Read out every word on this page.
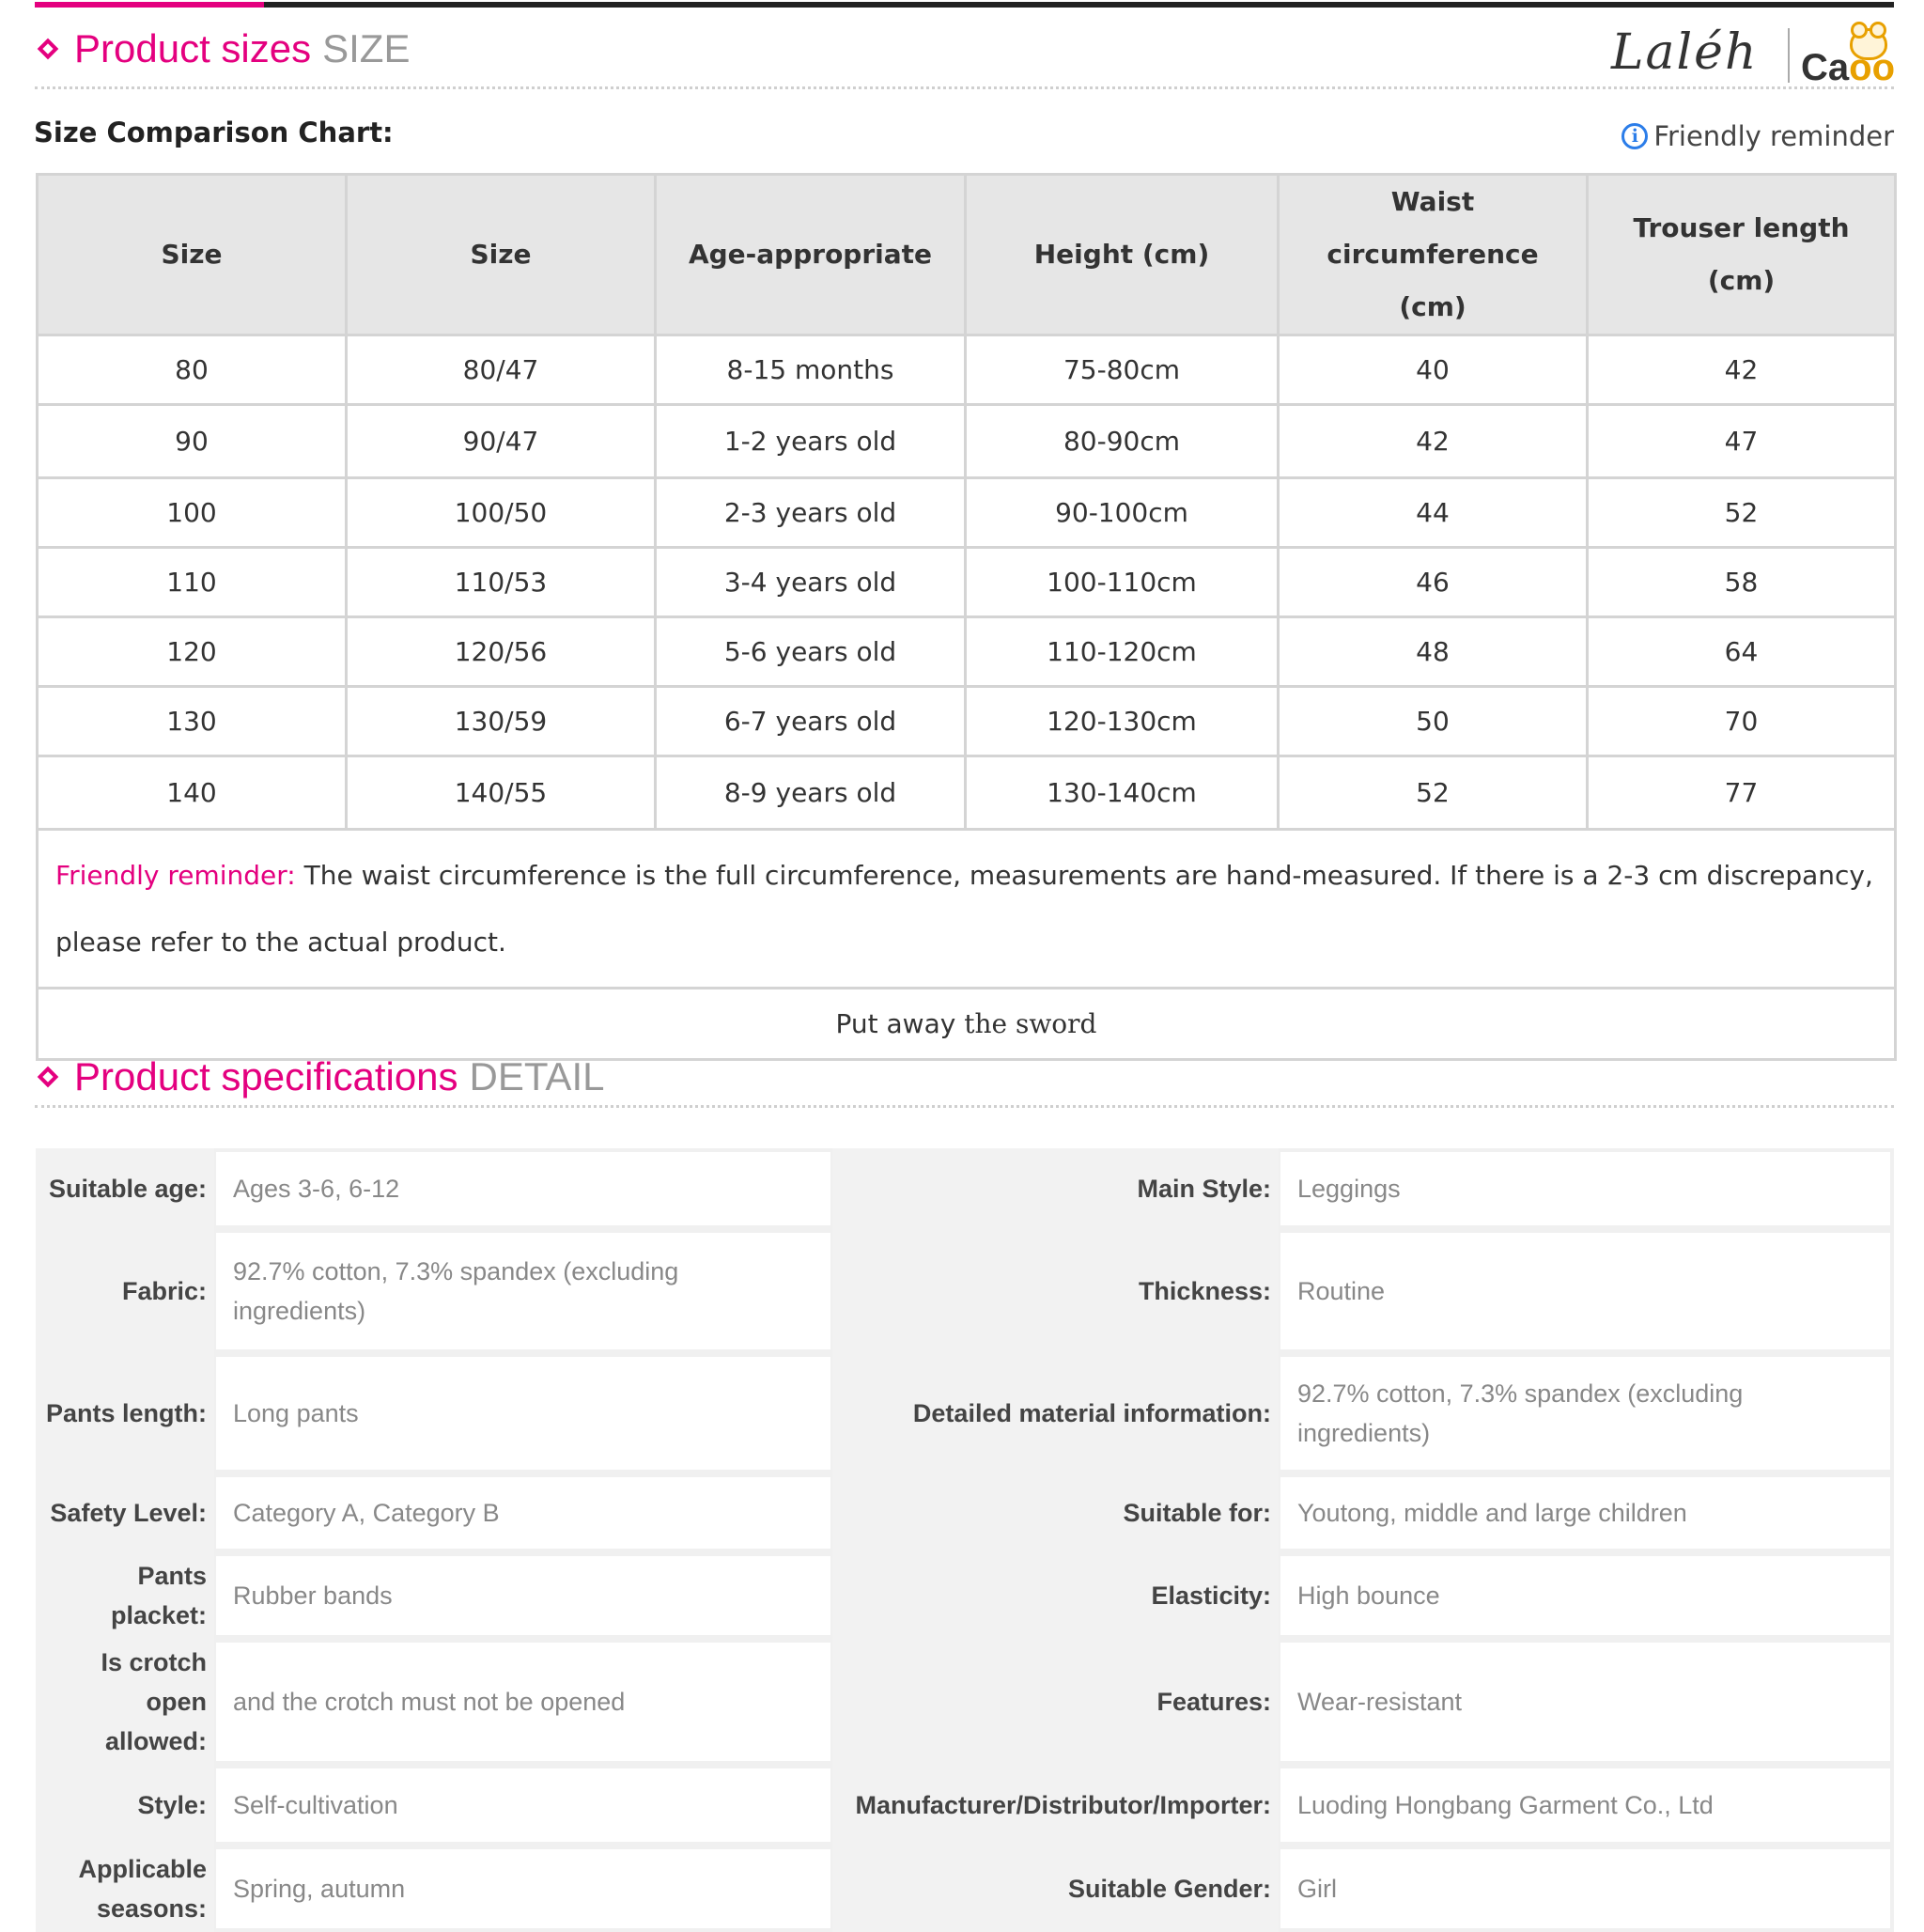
Product sizes SIZE	Laléh Caoo
Size Comparison Chart:	i Friendly reminder
Size	Size	Age-appropriate	Height (cm)	Waist circumference (cm)	Trouser length (cm)
80	80/47	8-15 months	75-80cm	40	42
90	90/47	1-2 years old	80-90cm	42	47
100	100/50	2-3 years old	90-100cm	44	52
110	110/53	3-4 years old	100-110cm	46	58
120	120/56	5-6 years old	110-120cm	48	64
130	130/59	6-7 years old	120-130cm	50	70
140	140/55	8-9 years old	130-140cm	52	77
Friendly reminder: The waist circumference is the full circumference, measurements are hand-measured. If there is a 2-3 cm discrepancy, please refer to the actual product.					
Put away the sword					
Product specifications DETAIL
Suitable age:	Ages 3-6, 6-12	Main Style:	Leggings
Fabric:	92.7% cotton, 7.3% spandex (excluding ingredients)	Thickness:	Routine
Pants length:	Long pants	Detailed material information:	92.7% cotton, 7.3% spandex (excluding ingredients)
Safety Level:	Category A, Category B	Suitable for:	Youtong, middle and large children
Pants placket:	Rubber bands	Elasticity:	High bounce
Is crotch open allowed:	and the crotch must not be opened	Features:	Wear-resistant
Style:	Self-cultivation	Manufacturer/Distributor/Importer:	Luoding Hongbang Garment Co., Ltd
Applicable seasons:	Spring, autumn	Suitable Gender:	Girl
